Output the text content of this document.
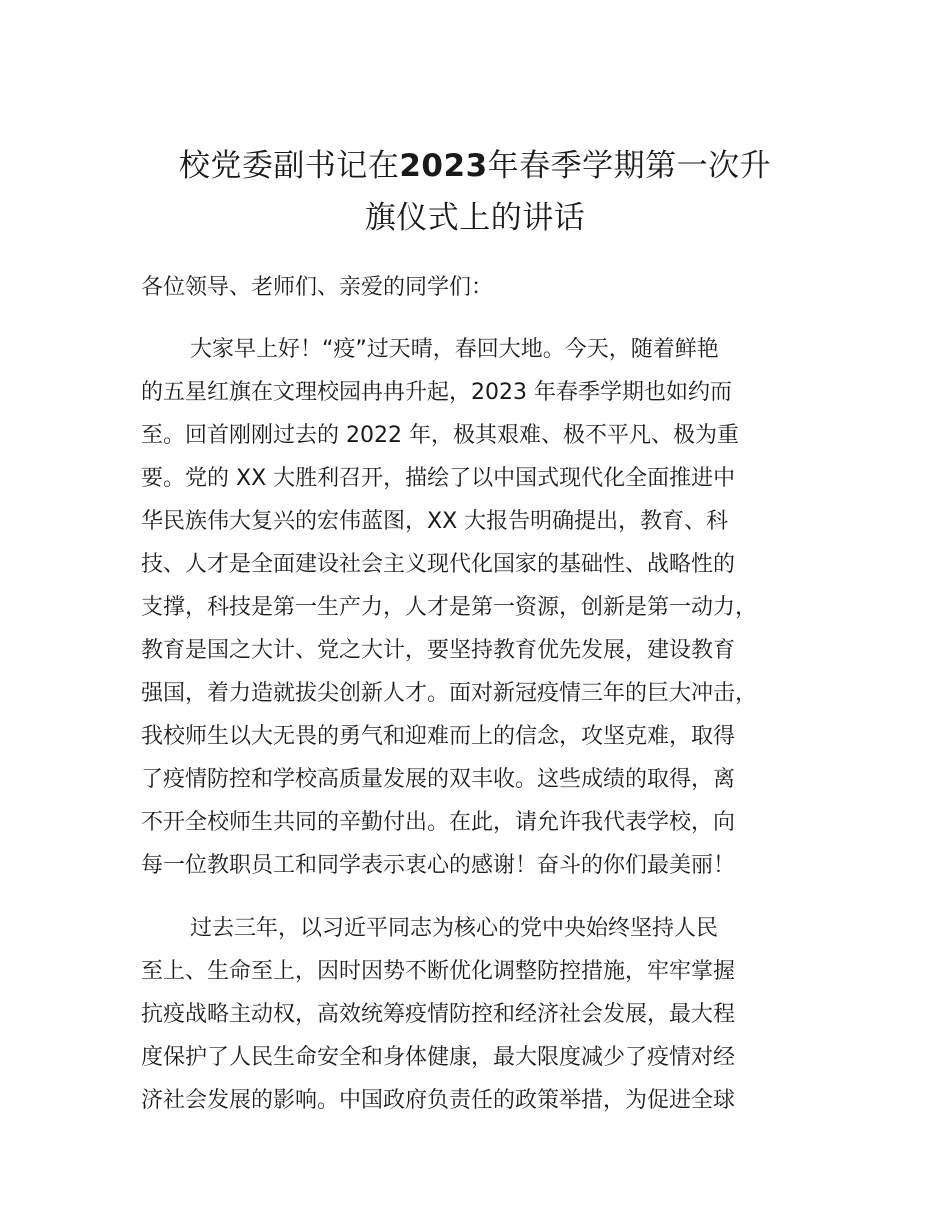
校党委副书记在2023年春季学期第一次升
旗仪式上的讲话

各位领导、老师们、亲爱的同学们：

大家早上好！“疫”过天晴，春回大地。今天，随着鲜艳
的五星红旗在文理校园冉冉升起，2023 年春季学期也如约而
至。回首刚刚过去的 2022 年，极其艰难、极不平凡、极为重
要。党的 XX 大胜利召开，描绘了以中国式现代化全面推进中
华民族伟大复兴的宏伟蓝图，XX 大报告明确提出，教育、科
技、人才是全面建设社会主义现代化国家的基础性、战略性的
支撑，科技是第一生产力，人才是第一资源，创新是第一动力，
教育是国之大计、党之大计，要坚持教育优先发展，建设教育
强国，着力造就拔尖创新人才。面对新冠疫情三年的巨大冲击，
我校师生以大无畏的勇气和迎难而上的信念，攻坚克难，取得
了疫情防控和学校高质量发展的双丰收。这些成绩的取得，离
不开全校师生共同的辛勤付出。在此，请允许我代表学校，向
每一位教职员工和同学表示衷心的感谢！奋斗的你们最美丽！

过去三年，以习近平同志为核心的党中央始终坚持人民
至上、生命至上，因时因势不断优化调整防控措施，牢牢掌握
抗疫战略主动权，高效统筹疫情防控和经济社会发展，最大程
度保护了人民生命安全和身体健康，最大限度减少了疫情对经
济社会发展的影响。中国政府负责任的政策举措，为促进全球
